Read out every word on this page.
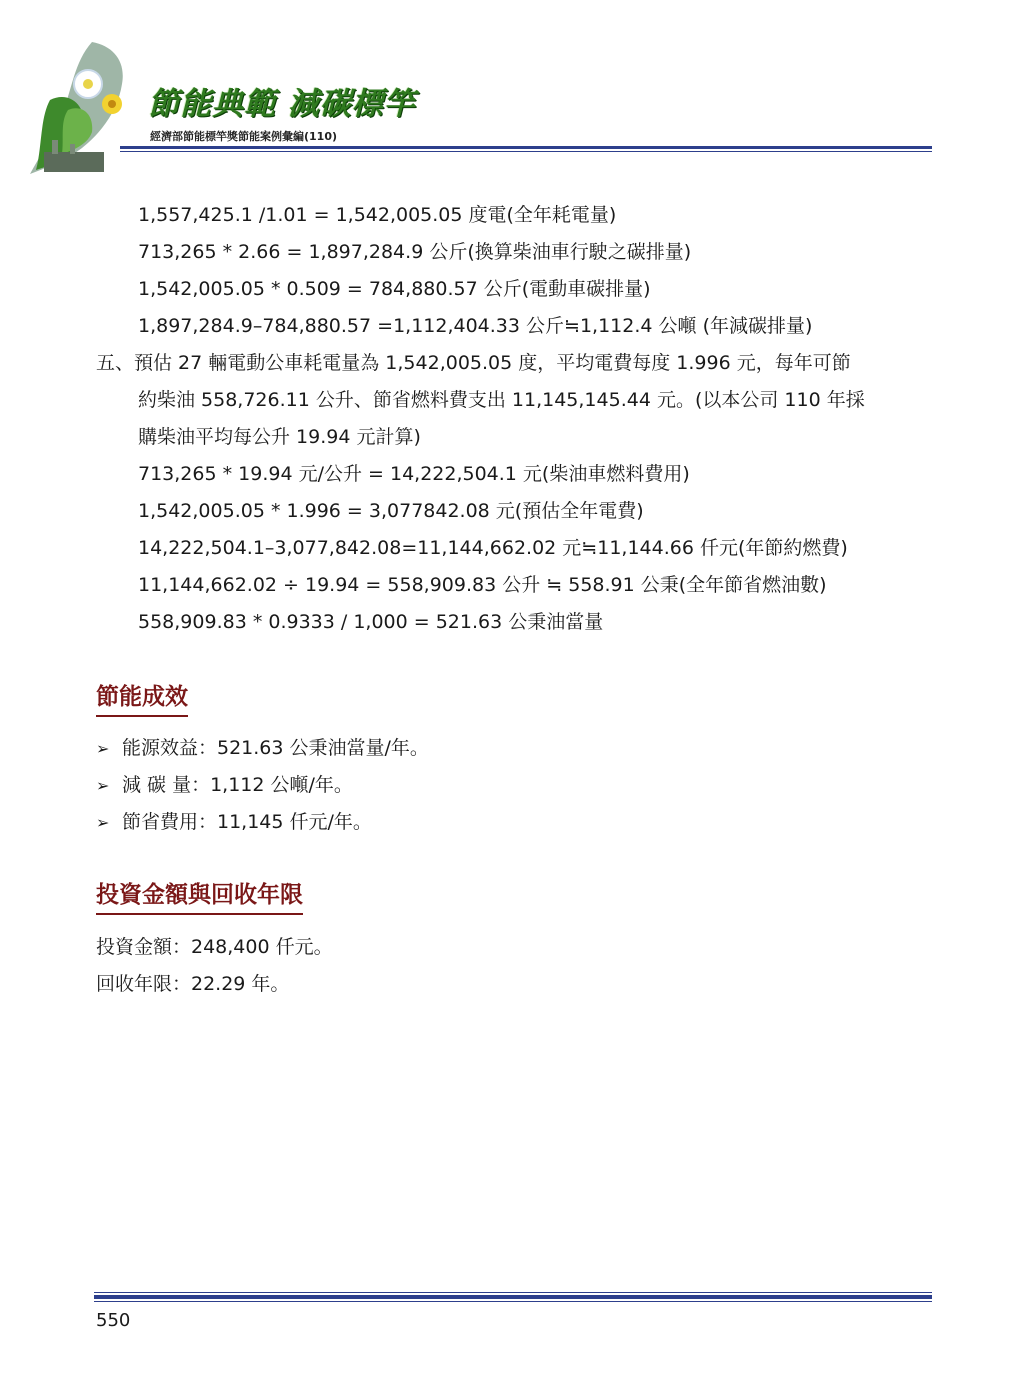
節能典範 減碳標竿
經濟部節能標竿獎節能案例彙編(110)
1,557,425.1 /1.01 = 1,542,005.05 度電(全年耗電量)
713,265 * 2.66 = 1,897,284.9 公斤(換算柴油車行駛之碳排量)
1,542,005.05 * 0.509 = 784,880.57 公斤(電動車碳排量)
1,897,284.9–784,880.57 =1,112,404.33 公斤≒1,112.4 公噸 (年減碳排量)
五、預估 27 輛電動公車耗電量為 1,542,005.05 度，平均電費每度 1.996 元，每年可節
約柴油 558,726.11 公升、節省燃料費支出 11,145,145.44 元。(以本公司 110 年採
購柴油平均每公升 19.94 元計算)
713,265 * 19.94 元/公升 = 14,222,504.1 元(柴油車燃料費用)
1,542,005.05 * 1.996 = 3,077842.08 元(預估全年電費)
14,222,504.1–3,077,842.08=11,144,662.02 元≒11,144.66 仟元(年節約燃費)
11,144,662.02 ÷ 19.94 = 558,909.83 公升 ≒ 558.91 公秉(全年節省燃油數)
558,909.83 * 0.9333 / 1,000 = 521.63 公秉油當量
節能成效
➢ 能源效益：521.63 公秉油當量/年。
➢ 減 碳 量：1,112 公噸/年。
➢ 節省費用：11,145 仟元/年。
投資金額與回收年限
投資金額：248,400 仟元。
回收年限：22.29 年。
550
